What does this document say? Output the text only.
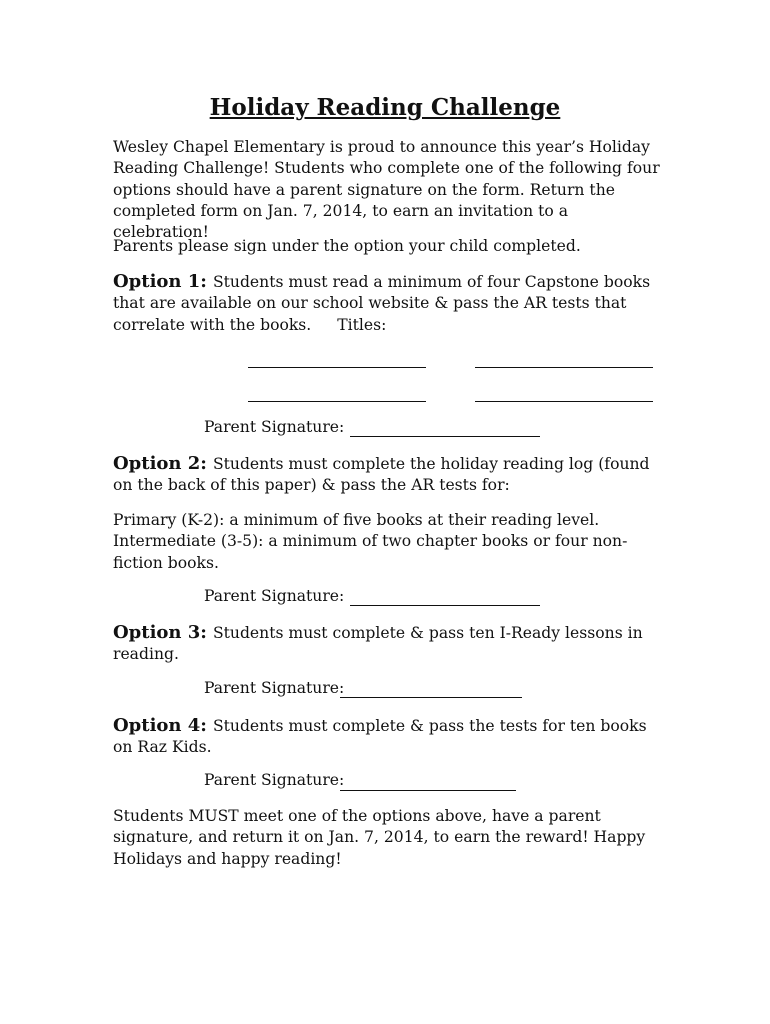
Holiday Reading Challenge
Wesley Chapel Elementary is proud to announce this year’s Holiday Reading Challenge! Students who complete one of the following four options should have a parent signature on the form. Return the completed form on Jan. 7, 2014, to earn an invitation to a celebration!
Parents please sign under the option your child completed.
Option 1: Students must read a minimum of four Capstone books that are available on our school website & pass the AR tests that correlate with the books. Titles:
Parent Signature:
Option 2: Students must complete the holiday reading log (found on the back of this paper) & pass the AR tests for:
Primary (K-2): a minimum of five books at their reading level.
Intermediate (3-5): a minimum of two chapter books or four non-fiction books.
Parent Signature:
Option 3: Students must complete & pass ten I-Ready lessons in reading.
Parent Signature:
Option 4: Students must complete & pass the tests for ten books on Raz Kids.
Parent Signature:
Students MUST meet one of the options above, have a parent signature, and return it on Jan. 7, 2014, to earn the reward! Happy Holidays and happy reading!
